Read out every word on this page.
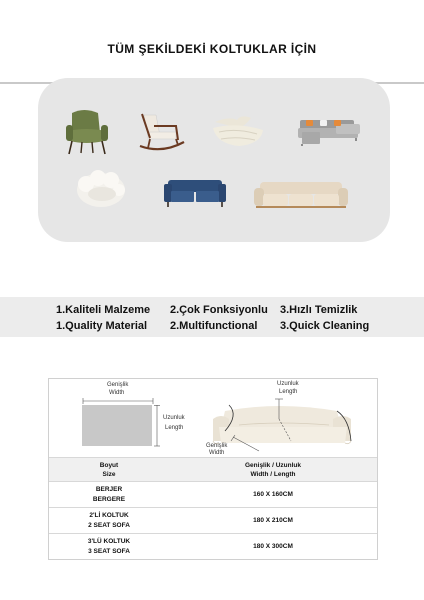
TÜM ŞEKİLDEKİ KOLTUKLAR İÇİN
1.Kaliteli Malzeme 2.Çok Fonksiyonlu 3.Hızlı Temizlik
1.Quality Material 2.Multifunctional 3.Quick Cleaning
Genişlik
Width
Uzunluk
Length
Uzunluk
Length
Genişlik
Width
Boyut
Size
Genişlik / Uzunluk
Width / Length
BERJER
BERGERE
160 X 160CM
2'Lİ KOLTUK
2 SEAT SOFA
180 X 210CM
3'LÜ KOLTUK
3 SEAT SOFA
180 X 300CM
